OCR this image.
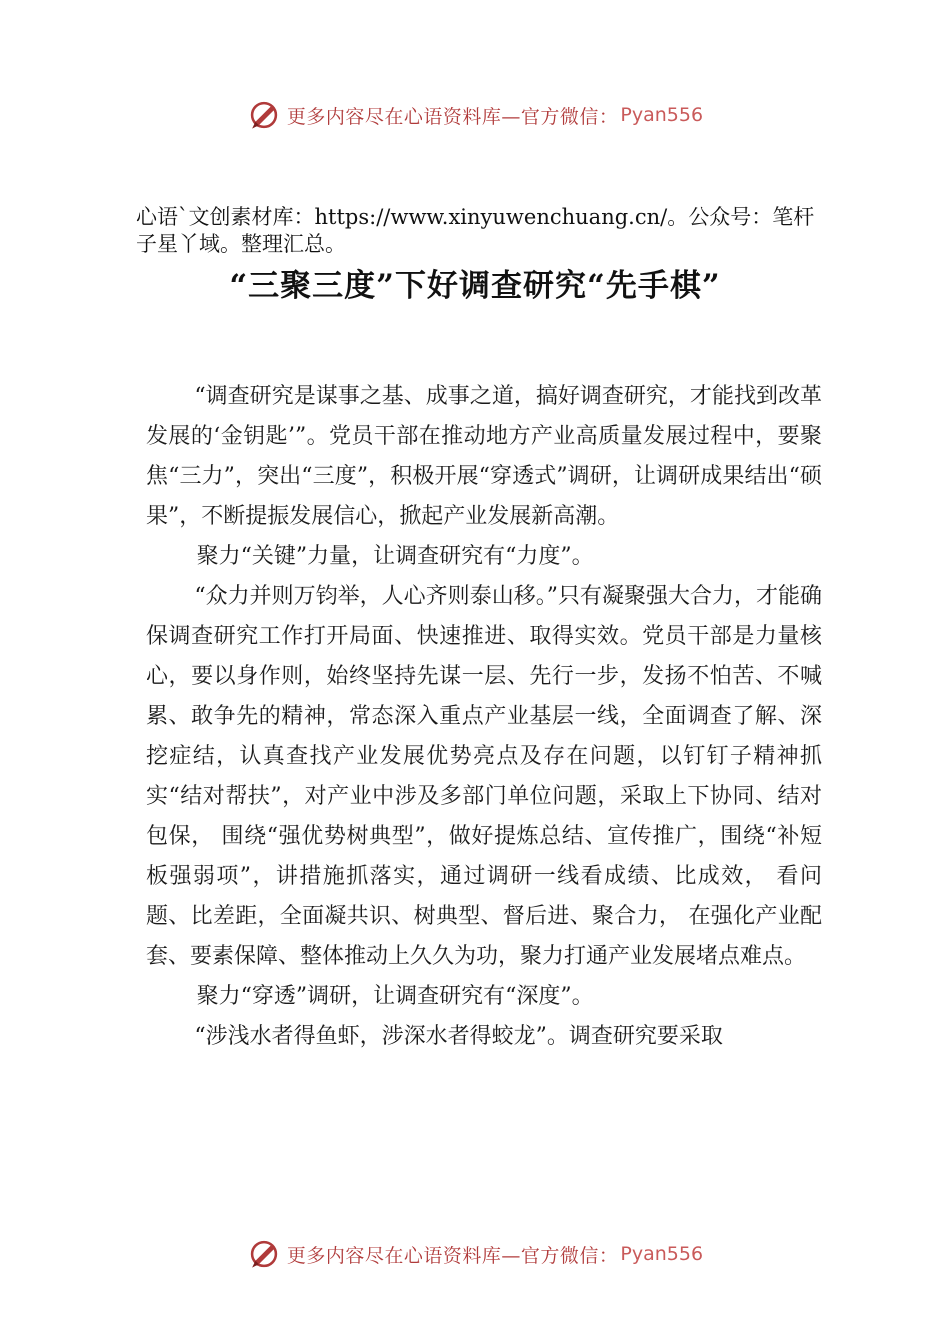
更多内容尽在心语资料库—官方微信： Pyan556
心语`文创素材库：https://www.xinyuwenchuang.cn/。公众号：笔杆子星丫域。整理汇总。
“三聚三度”下好调查研究“先手棋”

“调查研究是谋事之基、成事之道，搞好调查研究，才能找到改革发展的‘金钥匙’”。党员干部在推动地方产业高质量发展过程中，要聚焦“三力”，突出“三度”，积极开展“穿透式”调研，让调研成果结出“硕果”，不断提振发展信心，掀起产业发展新高潮。

聚力“关键”力量，让调查研究有“力度”。

“众力并则万钧举，人心齐则泰山移。”只有凝聚强大合力，才能确保调查研究工作打开局面、快速推进、取得实效。党员干部是力量核心，要以身作则，始终坚持先谋一层、先行一步，发扬不怕苦、不喊累、敢争先的精神，常态深入重点产业基层一线，全面调查了解、深挖症结，认真查找产业发展优势亮点及存在问题，以钉钉子精神抓实“结对帮扶”，对产业中涉及多部门单位问题，采取上下协同、结对包保， 围绕“强优势树典型”，做好提炼总结、宣传推广，围绕“补短板强弱项”，讲措施抓落实，通过调研一线看成绩、比成效， 看问题、比差距，全面凝共识、树典型、督后进、聚合力， 在强化产业配套、要素保障、整体推动上久久为功，聚力打通产业发展堵点难点。

聚力“穿透”调研，让调查研究有“深度”。

“涉浅水者得鱼虾，涉深水者得蛟龙”。调查研究要采取

更多内容尽在心语资料库—官方微信： Pyan556
